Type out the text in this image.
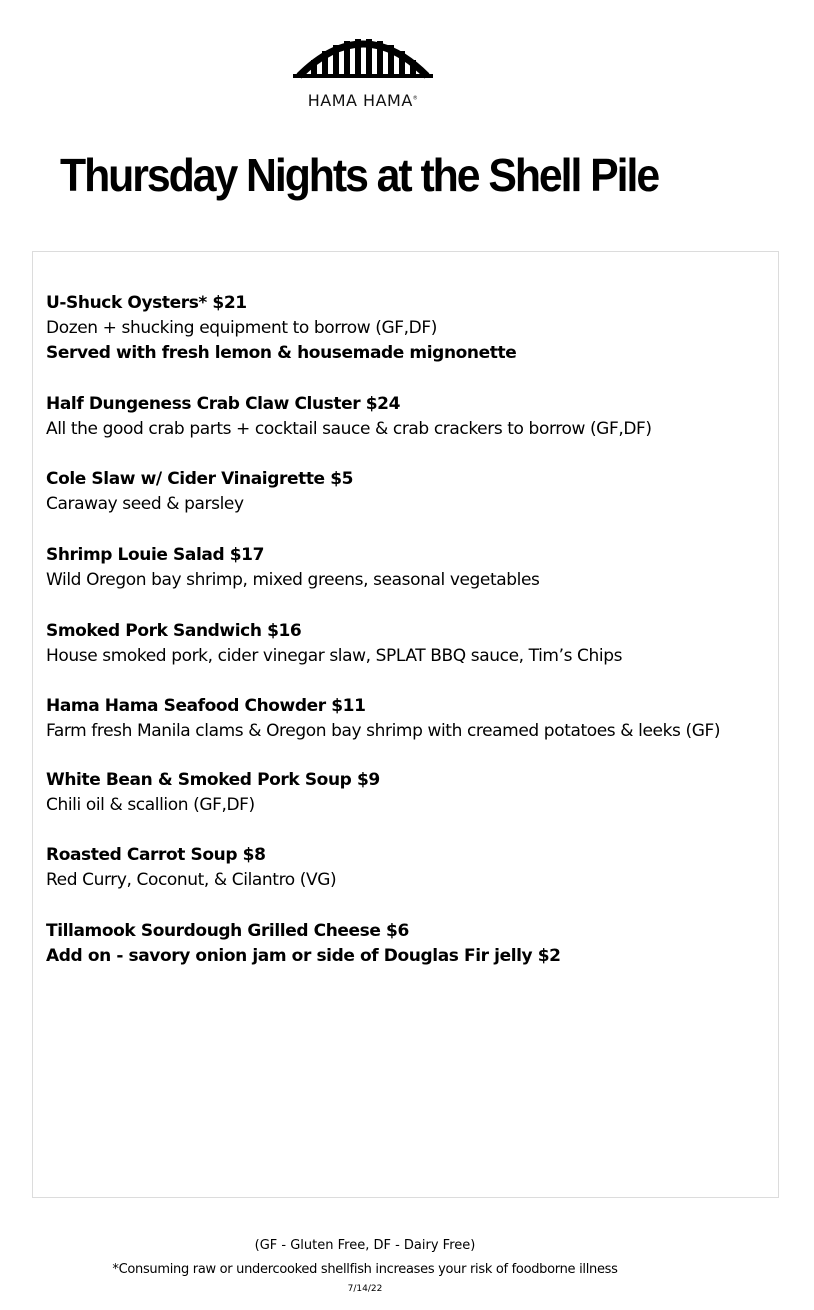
HAMA HAMA®
Thursday Nights at the Shell Pile
U-Shuck Oysters* $21
Dozen + shucking equipment to borrow (GF,DF)
Served with fresh lemon & housemade mignonette
Half Dungeness Crab Claw Cluster $24
All the good crab parts + cocktail sauce & crab crackers to borrow (GF,DF)
Cole Slaw w/ Cider Vinaigrette $5
Caraway seed & parsley
Shrimp Louie Salad $17
Wild Oregon bay shrimp, mixed greens, seasonal vegetables
Smoked Pork Sandwich $16
House smoked pork, cider vinegar slaw, SPLAT BBQ sauce, Tim’s Chips
Hama Hama Seafood Chowder $11
Farm fresh Manila clams & Oregon bay shrimp with creamed potatoes & leeks (GF)
White Bean & Smoked Pork Soup $9
Chili oil & scallion (GF,DF)
Roasted Carrot Soup $8
Red Curry, Coconut, & Cilantro (VG)
Tillamook Sourdough Grilled Cheese $6
Add on - savory onion jam or side of Douglas Fir jelly $2
(GF - Gluten Free, DF - Dairy Free)
*Consuming raw or undercooked shellfish increases your risk of foodborne illness
7/14/22
